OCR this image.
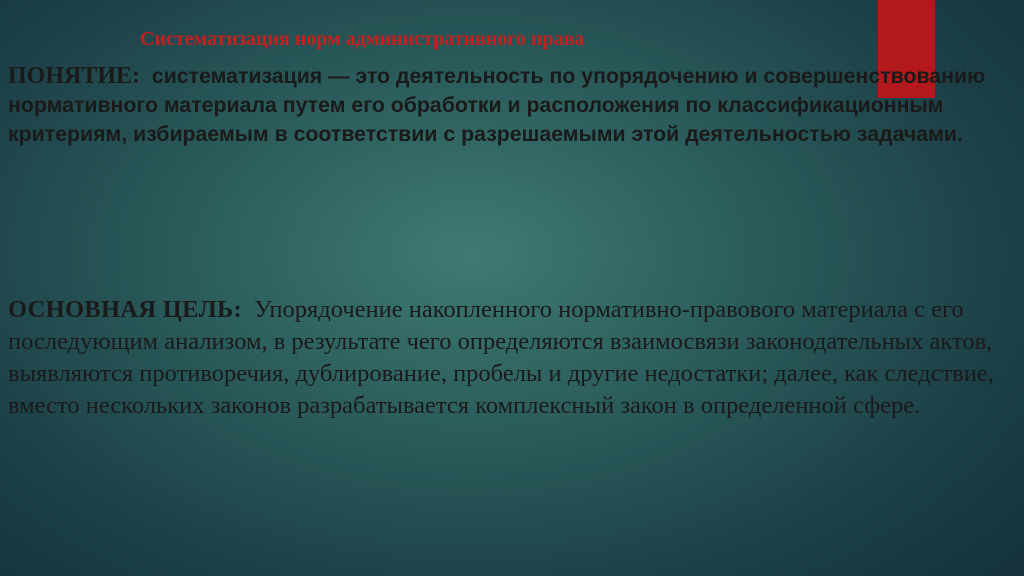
Систематизация норм административного права

ПОНЯТИЕ: систематизация — это деятельность по упорядочению и совершенствованию нормативного материала путем его обработки и расположения по классификационным критериям, избираемым в соответствии с разрешаемыми этой деятельностью задачами.

ОСНОВНАЯ ЦЕЛЬ: Упорядочение накопленного нормативно-правового материала с его последующим анализом, в результате чего определяются взаимосвязи законодательных актов, выявляются противоречия, дублирование, пробелы и другие недостатки; далее, как следствие, вместо нескольких законов разрабатывается комплексный закон в определенной сфере.
